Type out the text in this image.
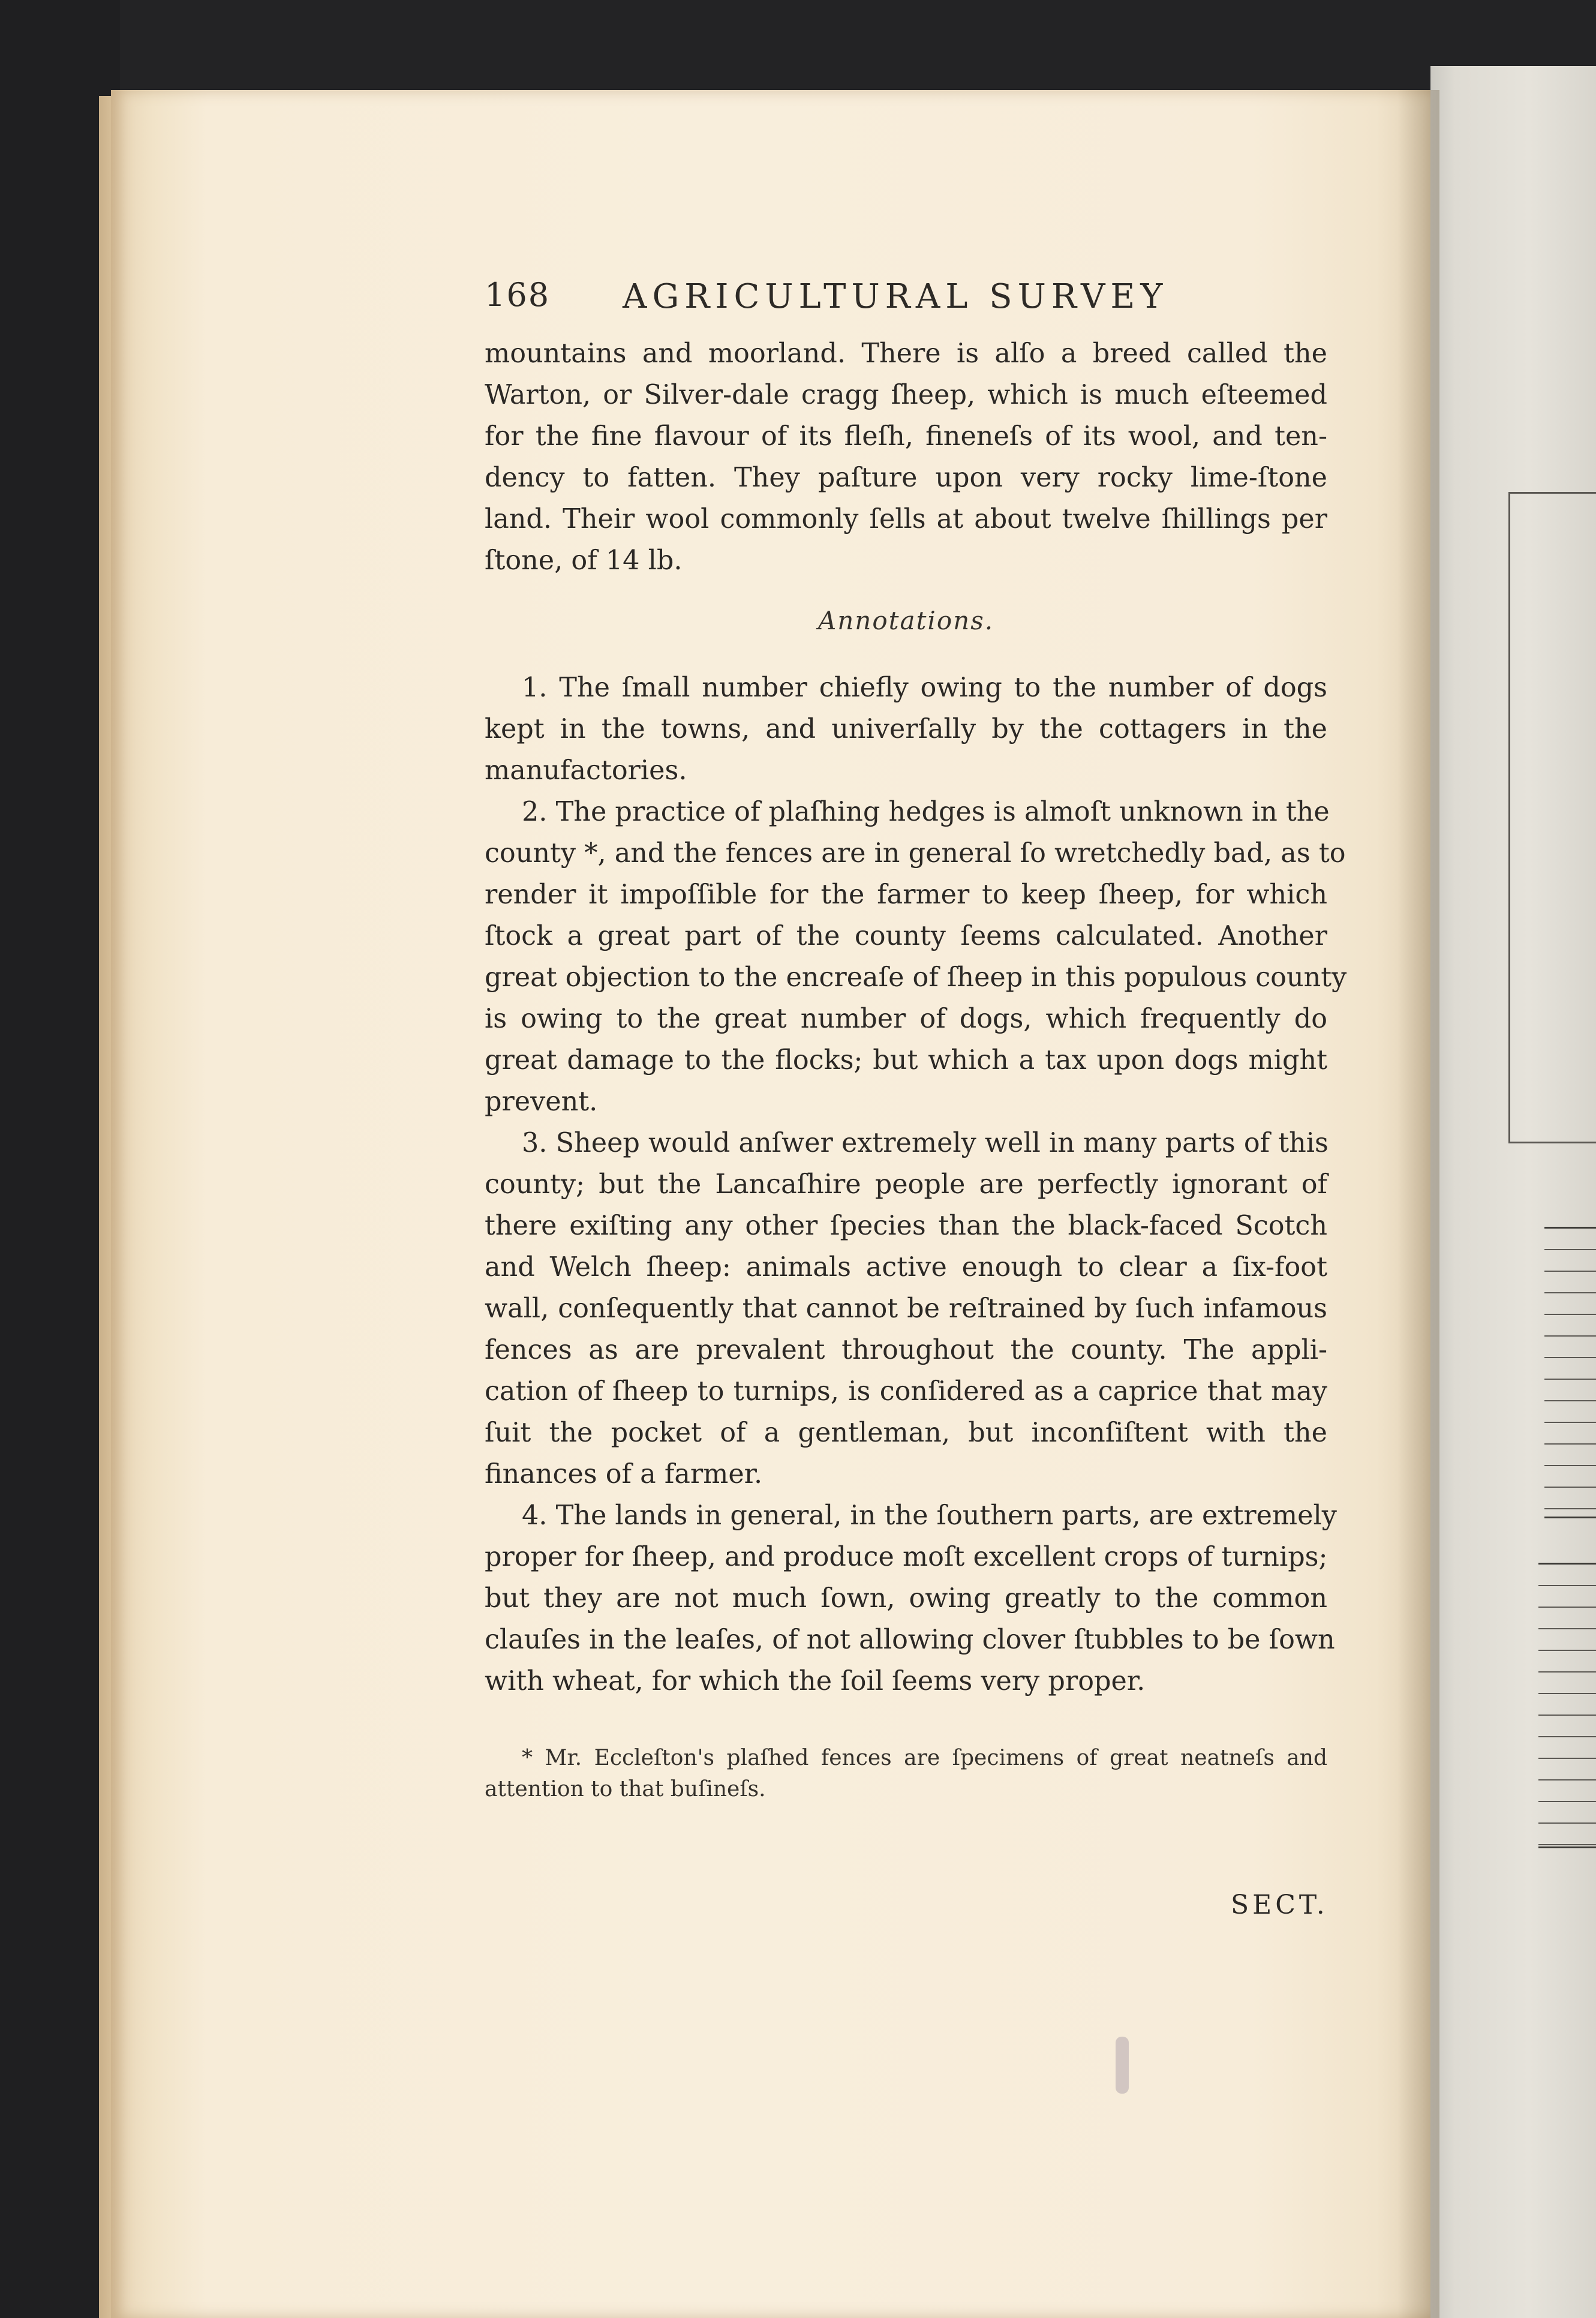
168 AGRICULTURAL SURVEY
mountains and moorland. There is alſo a breed called the
Warton, or Silver-dale cragg ſheep, which is much eſteemed
for the fine flavour of its fleſh, fineneſs of its wool, and ten-
dency to fatten. They paſture upon very rocky lime-ſtone
land. Their wool commonly ſells at about twelve ſhillings per
ſtone, of 14 lb.
Annotations.
1. The ſmall number chiefly owing to the number of dogs
kept in the towns, and univerſally by the cottagers in the
manufactories.
2. The practice of plaſhing hedges is almoſt unknown in the
county *, and the fences are in general ſo wretchedly bad, as to
render it impoſſible for the farmer to keep ſheep, for which
ſtock a great part of the county ſeems calculated. Another
great objection to the encreaſe of ſheep in this populous county
is owing to the great number of dogs, which frequently do
great damage to the flocks; but which a tax upon dogs might
prevent.
3. Sheep would anſwer extremely well in many parts of this
county; but the Lancaſhire people are perfectly ignorant of
there exiſting any other ſpecies than the black-faced Scotch
and Welch ſheep: animals active enough to clear a ſix-foot
wall, conſequently that cannot be reſtrained by ſuch infamous
fences as are prevalent throughout the county. The appli-
cation of ſheep to turnips, is conſidered as a caprice that may
ſuit the pocket of a gentleman, but inconſiſtent with the
finances of a farmer.
4. The lands in general, in the ſouthern parts, are extremely
proper for ſheep, and produce moſt excellent crops of turnips;
but they are not much ſown, owing greatly to the common
clauſes in the leaſes, of not allowing clover ſtubbles to be ſown
with wheat, for which the ſoil ſeems very proper.
* Mr. Eccleſton's plaſhed fences are ſpecimens of great neatneſs and
attention to that buſineſs.
SECT.
